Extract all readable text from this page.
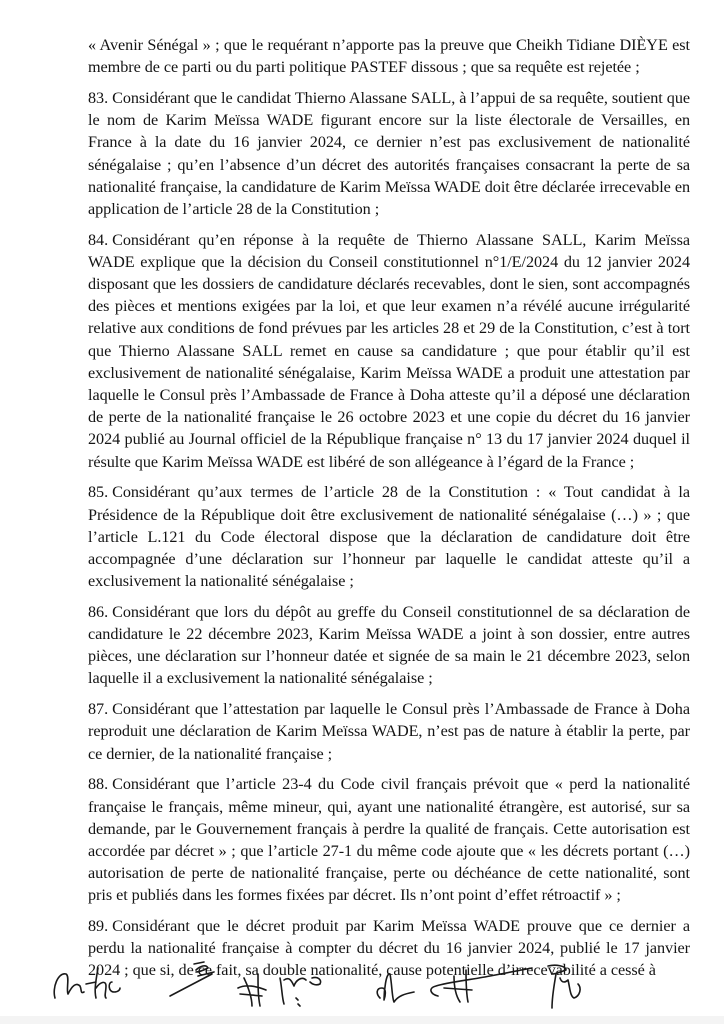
« Avenir Sénégal » ; que le requérant n’apporte pas la preuve que Cheikh Tidiane DIÈYE est membre de ce parti ou du parti politique PASTEF dissous ; que sa requête est rejetée ;

83. Considérant que le candidat Thierno Alassane SALL, à l’appui de sa requête, soutient que le nom de Karim Meïssa WADE figurant encore sur la liste électorale de Versailles, en France à la date du 16 janvier 2024, ce dernier n’est pas exclusivement de nationalité sénégalaise ; qu’en l’absence d’un décret des autorités françaises consacrant la perte de sa nationalité française, la candidature de Karim Meïssa WADE doit être déclarée irrecevable en application de l’article 28 de la Constitution ;

84. Considérant qu’en réponse à la requête de Thierno Alassane SALL, Karim Meïssa WADE explique que la décision du Conseil constitutionnel n°1/E/2024 du 12 janvier 2024 disposant que les dossiers de candidature déclarés recevables, dont le sien, sont accompagnés des pièces et mentions exigées par la loi, et que leur examen n’a révélé aucune irrégularité relative aux conditions de fond prévues par les articles 28 et 29 de la Constitution, c’est à tort que Thierno Alassane SALL remet en cause sa candidature ; que pour établir qu’il est exclusivement de nationalité sénégalaise, Karim Meïssa WADE a produit une attestation par laquelle le Consul près l’Ambassade de France à Doha atteste qu’il a déposé une déclaration de perte de la nationalité française le 26 octobre 2023 et une copie du décret du 16 janvier 2024 publié au Journal officiel de la République française n° 13 du 17 janvier 2024 duquel il résulte que Karim Meïssa WADE est libéré de son allégeance à l’égard de la France ;

85. Considérant qu’aux termes de l’article 28 de la Constitution : « Tout candidat à la Présidence de la République doit être exclusivement de nationalité sénégalaise (…) » ; que l’article L.121 du Code électoral dispose que la déclaration de candidature doit être accompagnée d’une déclaration sur l’honneur par laquelle le candidat atteste qu’il a exclusivement la nationalité sénégalaise ;

86. Considérant que lors du dépôt au greffe du Conseil constitutionnel de sa déclaration de candidature le 22 décembre 2023, Karim Meïssa WADE a joint à son dossier, entre autres pièces, une déclaration sur l’honneur datée et signée de sa main le 21 décembre 2023, selon laquelle il a exclusivement la nationalité sénégalaise ;

87. Considérant que l’attestation par laquelle le Consul près l’Ambassade de France à Doha reproduit une déclaration de Karim Meïssa WADE, n’est pas de nature à établir la perte, par ce dernier, de la nationalité française ;

88. Considérant que l’article 23-4 du Code civil français prévoit que « perd la nationalité française le français, même mineur, qui, ayant une nationalité étrangère, est autorisé, sur sa demande, par le Gouvernement français à perdre la qualité de français. Cette autorisation est accordée par décret » ; que l’article 27-1 du même code ajoute que « les décrets portant (…) autorisation de perte de nationalité française, perte ou déchéance de cette nationalité, sont pris et publiés dans les formes fixées par décret. Ils n’ont point d’effet rétroactif » ;

89. Considérant que le décret produit par Karim Meïssa WADE prouve que ce dernier a perdu la nationalité française à compter du décret du 16 janvier 2024, publié le 17 janvier 2024 ; que si, de ce fait, sa double nationalité, cause potentielle d’irrecevabilité a cessé à
